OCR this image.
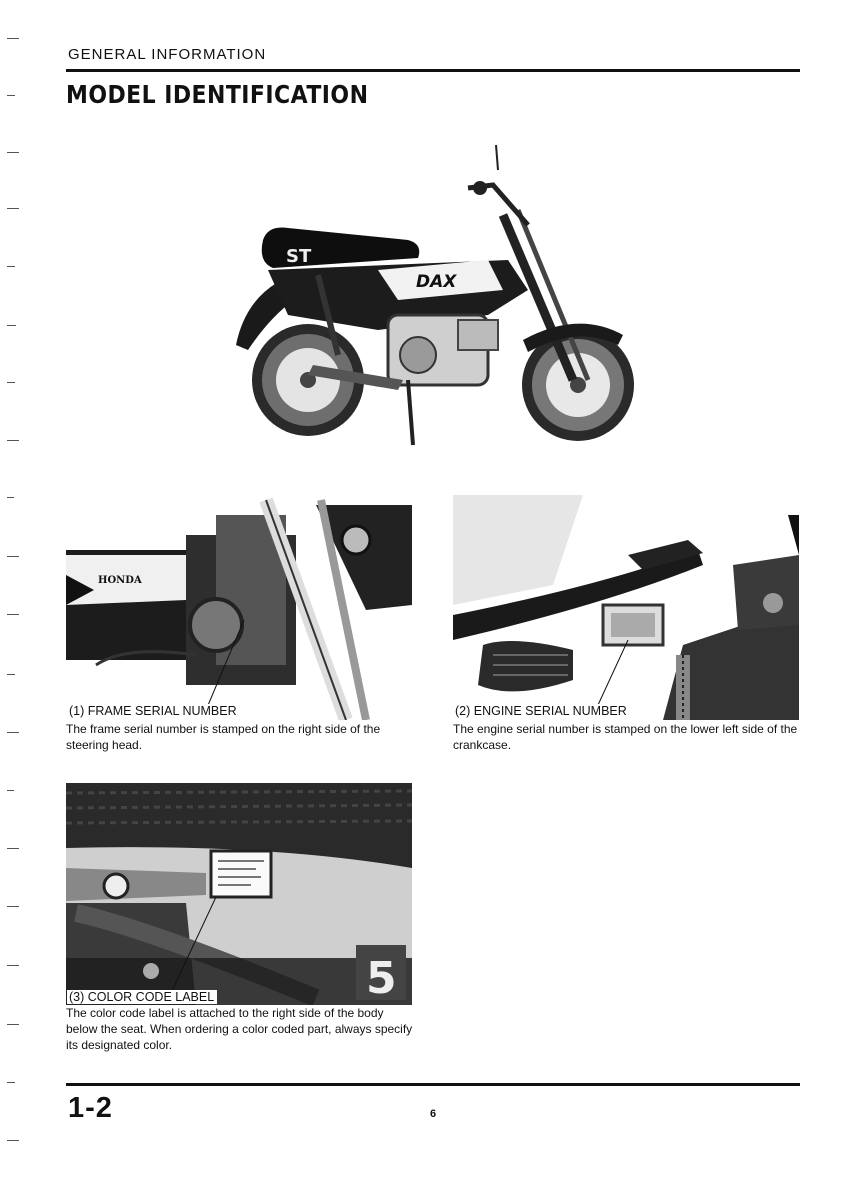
GENERAL INFORMATION
MODEL IDENTIFICATION
DAX
ST
HONDA
(1) FRAME SERIAL NUMBER
The frame serial number is stamped on the right side of the steering head.
(2) ENGINE SERIAL NUMBER
The engine serial number is stamped on the lower left side of the crankcase.
5
(3) COLOR CODE LABEL
The color code label is attached to the right side of the body below the seat. When ordering a color coded part, always specify its designated color.
1-2	6
